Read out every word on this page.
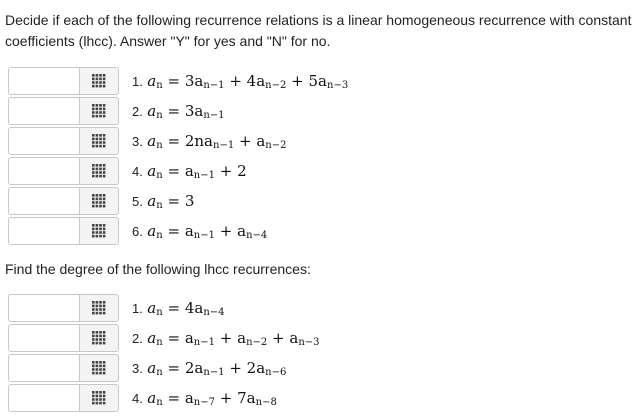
Decide if each of the following recurrence relations is a linear homogeneous recurrence with constant
coefficients (lhcc). Answer "Y" for yes and "N" for no.
1. $a_n = 3a_{n-1} + 4a_{n-2} + 5a_{n-3}$
2. $a_n = 3a_{n-1}$
3. $a_n = 2na_{n-1} + a_{n-2}$
4. $a_n = a_{n-1} + 2$
5. $a_n = 3$
6. $a_n = a_{n-1} + a_{n-4}$
Find the degree of the following lhcc recurrences:
1. $a_n = 4a_{n-4}$
2. $a_n = a_{n-1} + a_{n-2} + a_{n-3}$
3. $a_n = 2a_{n-1} + 2a_{n-6}$
4. $a_n = a_{n-7} + 7a_{n-8}$
